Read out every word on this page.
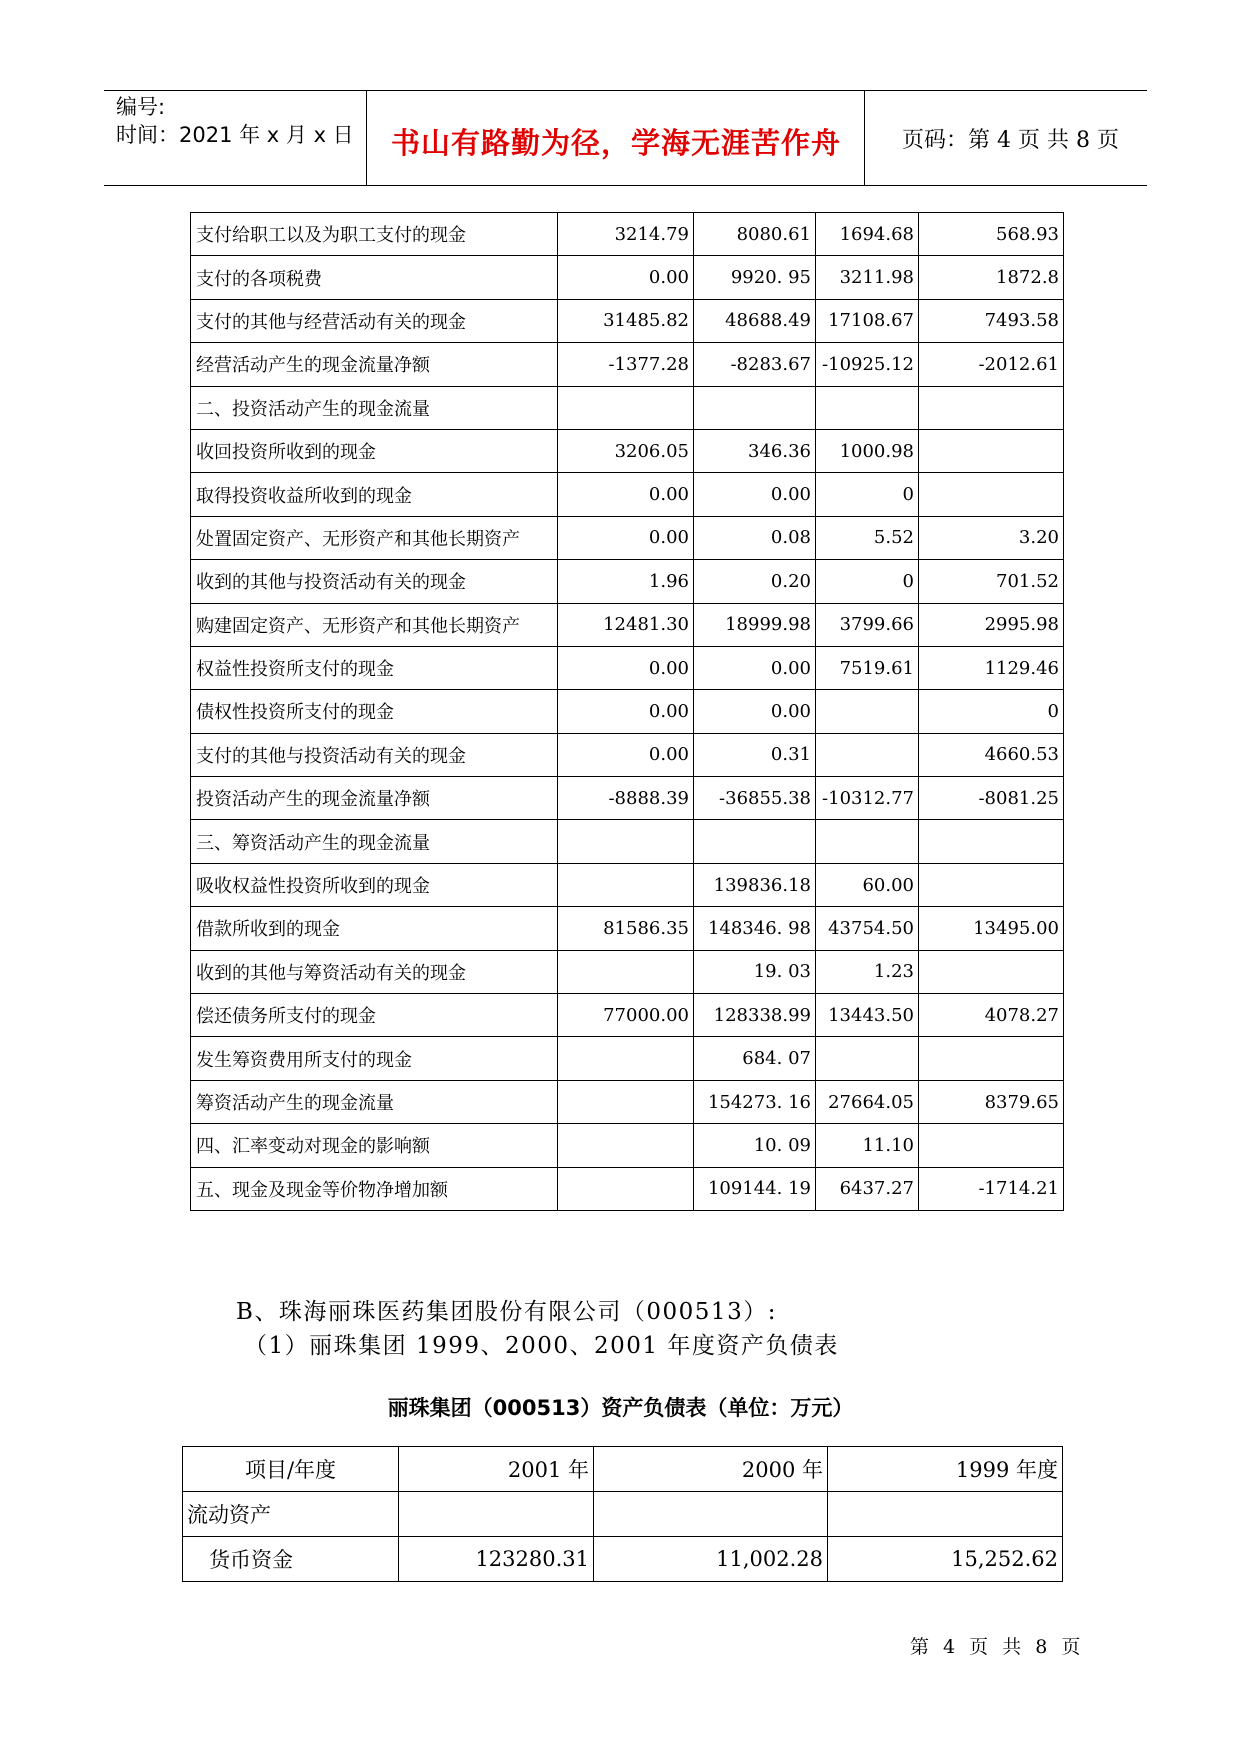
编号:
时间：2021 年 x 月 x 日	书山有路勤为径，学海无涯苦作舟	页码：第 4 页 共 8 页
支付给职工以及为职工支付的现金	3214.79	8080.61	1694.68	568.93
支付的各项税费	0.00	9920. 95	3211.98	1872.8
支付的其他与经营活动有关的现金	31485.82	48688.49	17108.67	7493.58
经营活动产生的现金流量净额	-1377.28	-8283.67	-10925.12	-2012.61
二、投资活动产生的现金流量				
收回投资所收到的现金	3206.05	346.36	1000.98	
取得投资收益所收到的现金	0.00	0.00	0	
处置固定资产、无形资产和其他长期资产	0.00	0.08	5.52	3.20
收到的其他与投资活动有关的现金	1.96	0.20	0	701.52
购建固定资产、无形资产和其他长期资产	12481.30	18999.98	3799.66	2995.98
权益性投资所支付的现金	0.00	0.00	7519.61	1129.46
债权性投资所支付的现金	0.00	0.00		0
支付的其他与投资活动有关的现金	0.00	0.31		4660.53
投资活动产生的现金流量净额	-8888.39	-36855.38	-10312.77	-8081.25
三、筹资活动产生的现金流量				
吸收权益性投资所收到的现金		139836.18	60.00	
借款所收到的现金	81586.35	148346. 98	43754.50	13495.00
收到的其他与筹资活动有关的现金		19. 03	1.23	
偿还债务所支付的现金	77000.00	128338.99	13443.50	4078.27
发生筹资费用所支付的现金		684. 07		
筹资活动产生的现金流量		154273. 16	27664.05	8379.65
四、汇率变动对现金的影响额		10. 09	11.10	
五、现金及现金等价物净增加额		109144. 19	6437.27	-1714.21
B、珠海丽珠医药集团股份有限公司（000513）:
（1）丽珠集团 1999、2000、2001 年度资产负债表
丽珠集团（000513）资产负债表（单位：万元）
项目/年度	2001 年	2000 年	1999 年度
流动资产			
货币资金	123280.31	11,002.28	15,252.62
第 4 页 共 8 页
